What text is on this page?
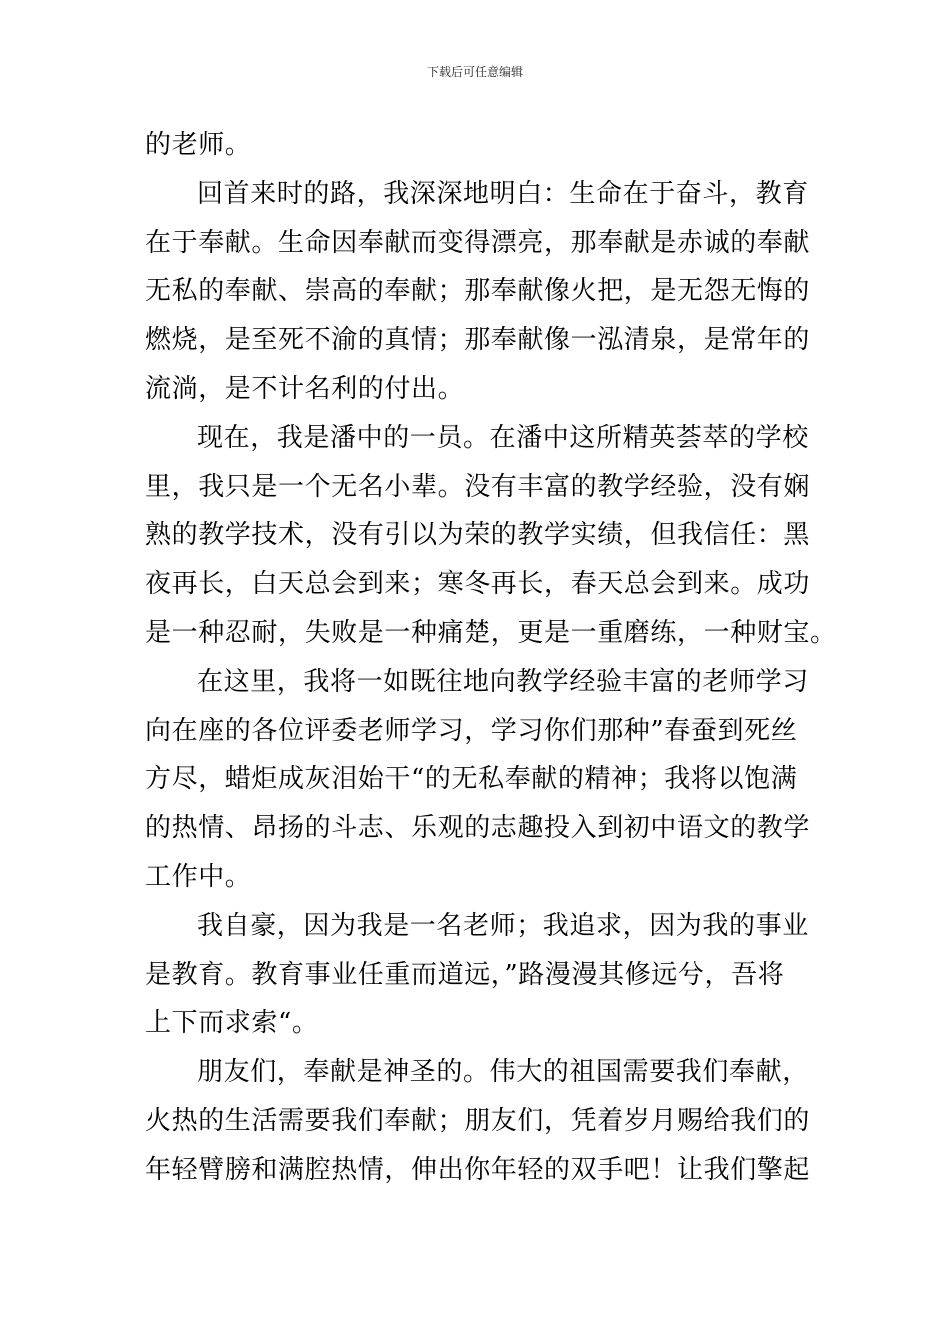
下载后可任意编辑
的老师。
回首来时的路，我深深地明白：生命在于奋斗，教育
在于奉献。生命因奉献而变得漂亮，那奉献是赤诚的奉献
无私的奉献、崇高的奉献；那奉献像火把，是无怨无悔的
燃烧，是至死不渝的真情；那奉献像一泓清泉，是常年的
流淌，是不计名利的付出。
现在，我是潘中的一员。在潘中这所精英荟萃的学校
里，我只是一个无名小辈。没有丰富的教学经验，没有娴
熟的教学技术，没有引以为荣的教学实绩，但我信任：黑
夜再长，白天总会到来；寒冬再长，春天总会到来。成功
是一种忍耐，失败是一种痛楚，更是一重磨练，一种财宝。
在这里，我将一如既往地向教学经验丰富的老师学习
向在座的各位评委老师学习，学习你们那种”春蚕到死丝
方尽，蜡炬成灰泪始干“的无私奉献的精神；我将以饱满
的热情、昂扬的斗志、乐观的志趣投入到初中语文的教学
工作中。
我自豪，因为我是一名老师；我追求，因为我的事业
是教育。教育事业任重而道远，”路漫漫其修远兮，吾将
上下而求索“。
朋友们，奉献是神圣的。伟大的祖国需要我们奉献，
火热的生活需要我们奉献；朋友们，凭着岁月赐给我们的
年轻臂膀和满腔热情，伸出你年轻的双手吧！让我们擎起
